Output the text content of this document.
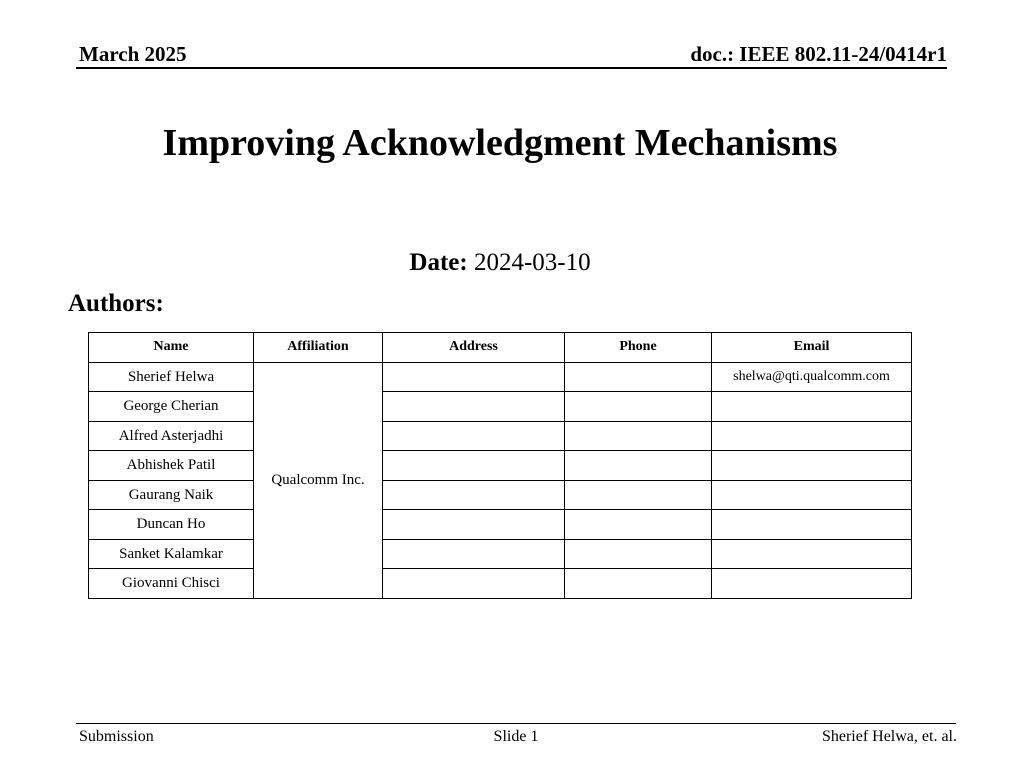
March 2025	doc.: IEEE 802.11-24/0414r1
Improving Acknowledgment Mechanisms
Date: 2024-03-10
Authors:
Name	Affiliation	Address	Phone	Email
Sherief Helwa	Qualcomm Inc.			shelwa@qti.qualcomm.com
George Cherian				
Alfred Asterjadhi				
Abhishek Patil				
Gaurang Naik				
Duncan Ho				
Sanket Kalamkar				
Giovanni Chisci				
Submission	Slide 1	Sherief Helwa, et. al.
